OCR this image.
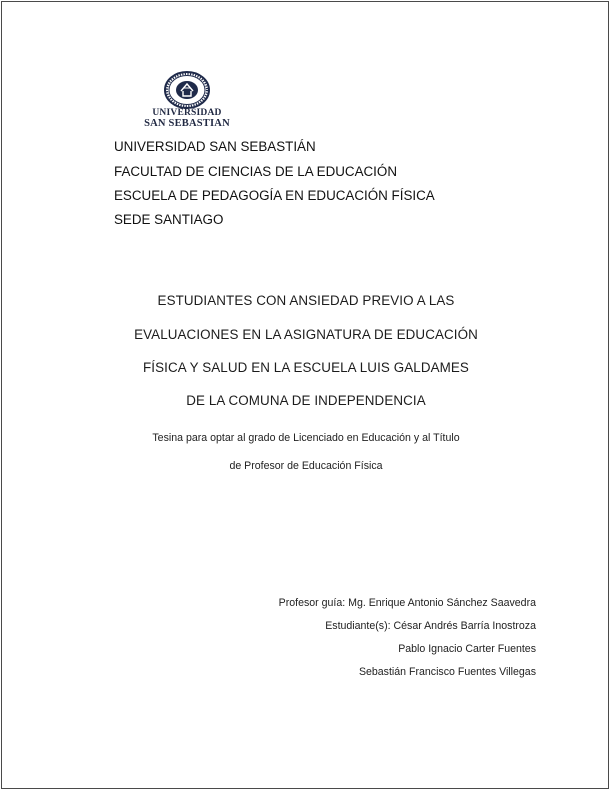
UNIVERSIDAD
SAN SEBASTIAN
UNIVERSIDAD SAN SEBASTIÁN
FACULTAD DE CIENCIAS DE LA EDUCACIÓN
ESCUELA DE PEDAGOGÍA EN EDUCACIÓN FÍSICA
SEDE SANTIAGO
ESTUDIANTES CON ANSIEDAD PREVIO A LAS
EVALUACIONES EN LA ASIGNATURA DE EDUCACIÓN
FÍSICA Y SALUD EN LA ESCUELA LUIS GALDAMES
DE LA COMUNA DE INDEPENDENCIA
Tesina para optar al grado de Licenciado en Educación y al Título
de Profesor de Educación Física
Profesor guía: Mg. Enrique Antonio Sánchez Saavedra
Estudiante(s): César Andrés Barría Inostroza
Pablo Ignacio Carter Fuentes
Sebastián Francisco Fuentes Villegas
